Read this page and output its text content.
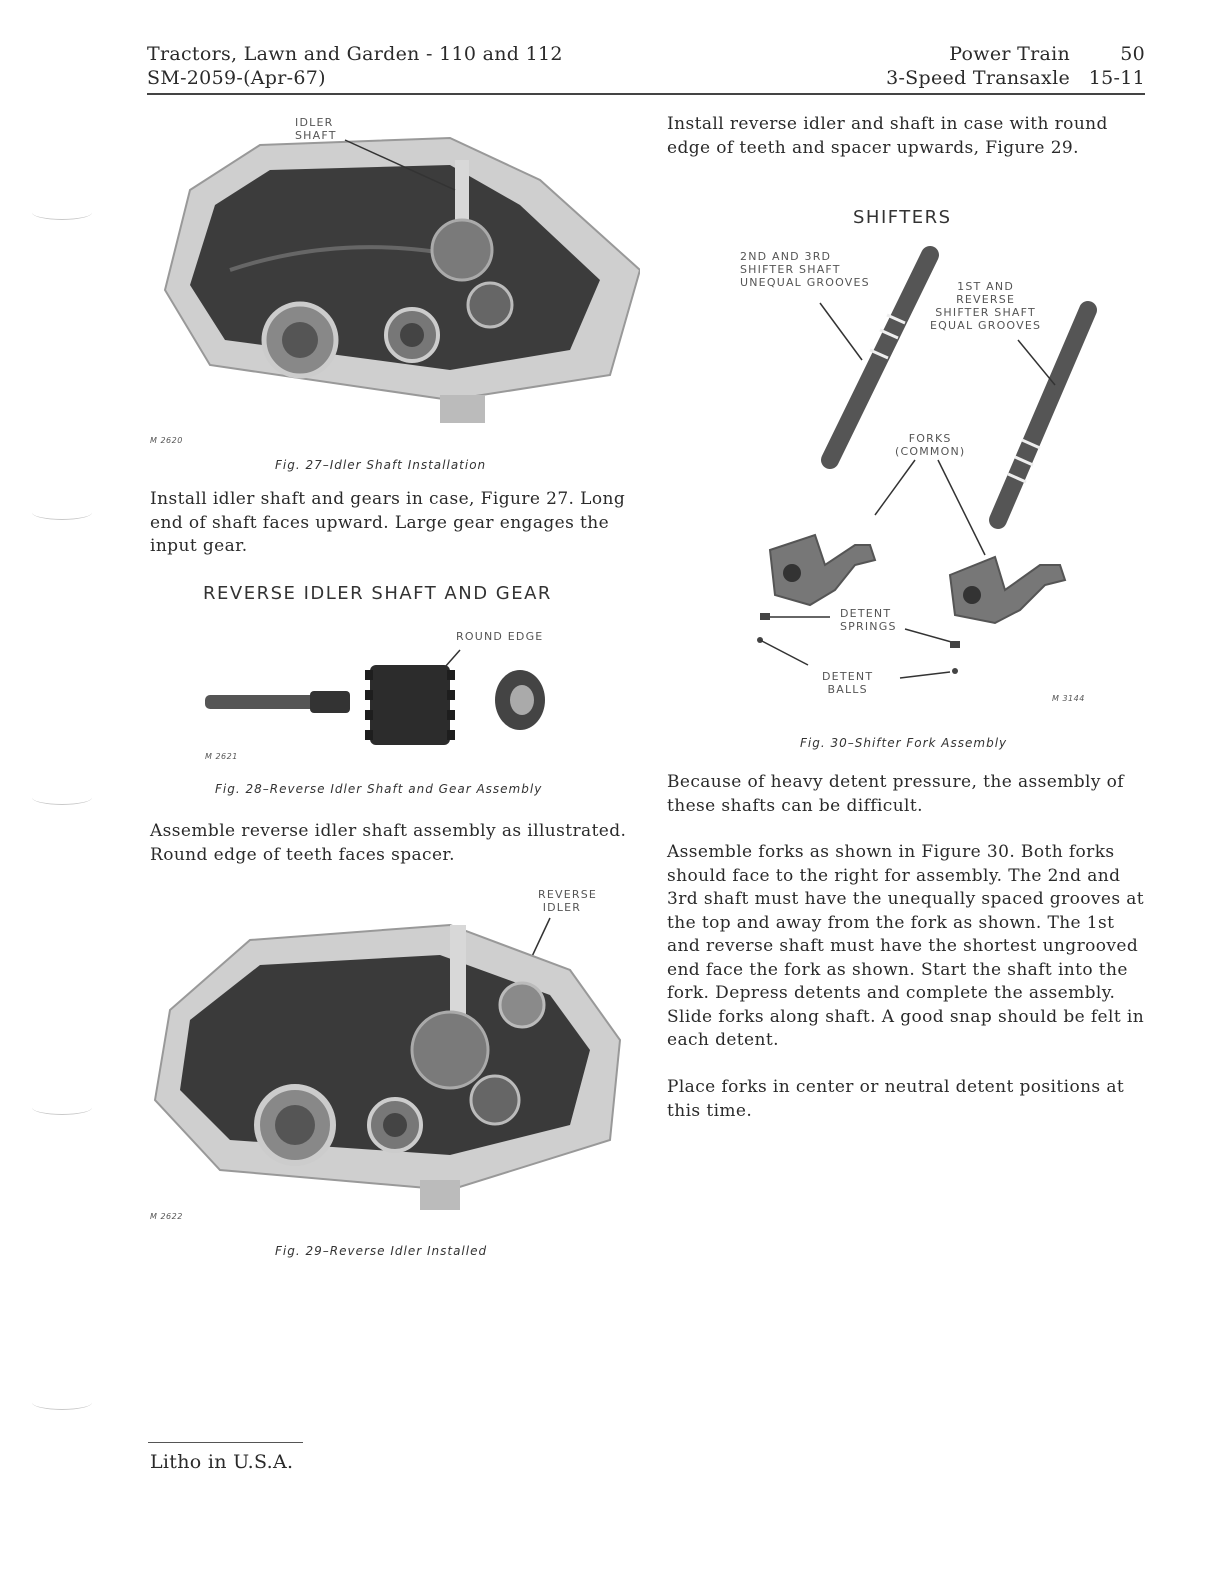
Tractors, Lawn and Garden - 110 and 112
SM-2059-(Apr-67)
Power Train
3-Speed Transaxle
50
15-11
IDLER
SHAFT
M 2620
Fig. 27–Idler Shaft Installation

Install idler shaft and gears in case, Figure 27. Long end of shaft faces upward. Large gear engages the input gear.

REVERSE IDLER SHAFT AND GEAR
ROUND EDGE
M 2621
Fig. 28–Reverse Idler Shaft and Gear Assembly

Assemble reverse idler shaft assembly as illustrated. Round edge of teeth faces spacer.

REVERSE
IDLER
M 2622
Fig. 29–Reverse Idler Installed

Install reverse idler and shaft in case with round edge of teeth and spacer upwards, Figure 29.

SHIFTERS
2ND AND 3RD
SHIFTER SHAFT
UNEQUAL GROOVES	1ST AND
REVERSE
SHIFTER SHAFT
EQUAL GROOVES
FORKS
(COMMON)
DETENT
SPRINGS
DETENT
BALLS
M 3144
Fig. 30–Shifter Fork Assembly

Because of heavy detent pressure, the assembly of these shafts can be difficult.

Assemble forks as shown in Figure 30. Both forks should face to the right for assembly. The 2nd and 3rd shaft must have the unequally spaced grooves at the top and away from the fork as shown. The 1st and reverse shaft must have the shortest ungrooved end face the fork as shown. Start the shaft into the fork. Depress detents and complete the assembly. Slide forks along shaft. A good snap should be felt in each detent.

Place forks in center or neutral detent positions at this time.

Litho in U.S.A.
